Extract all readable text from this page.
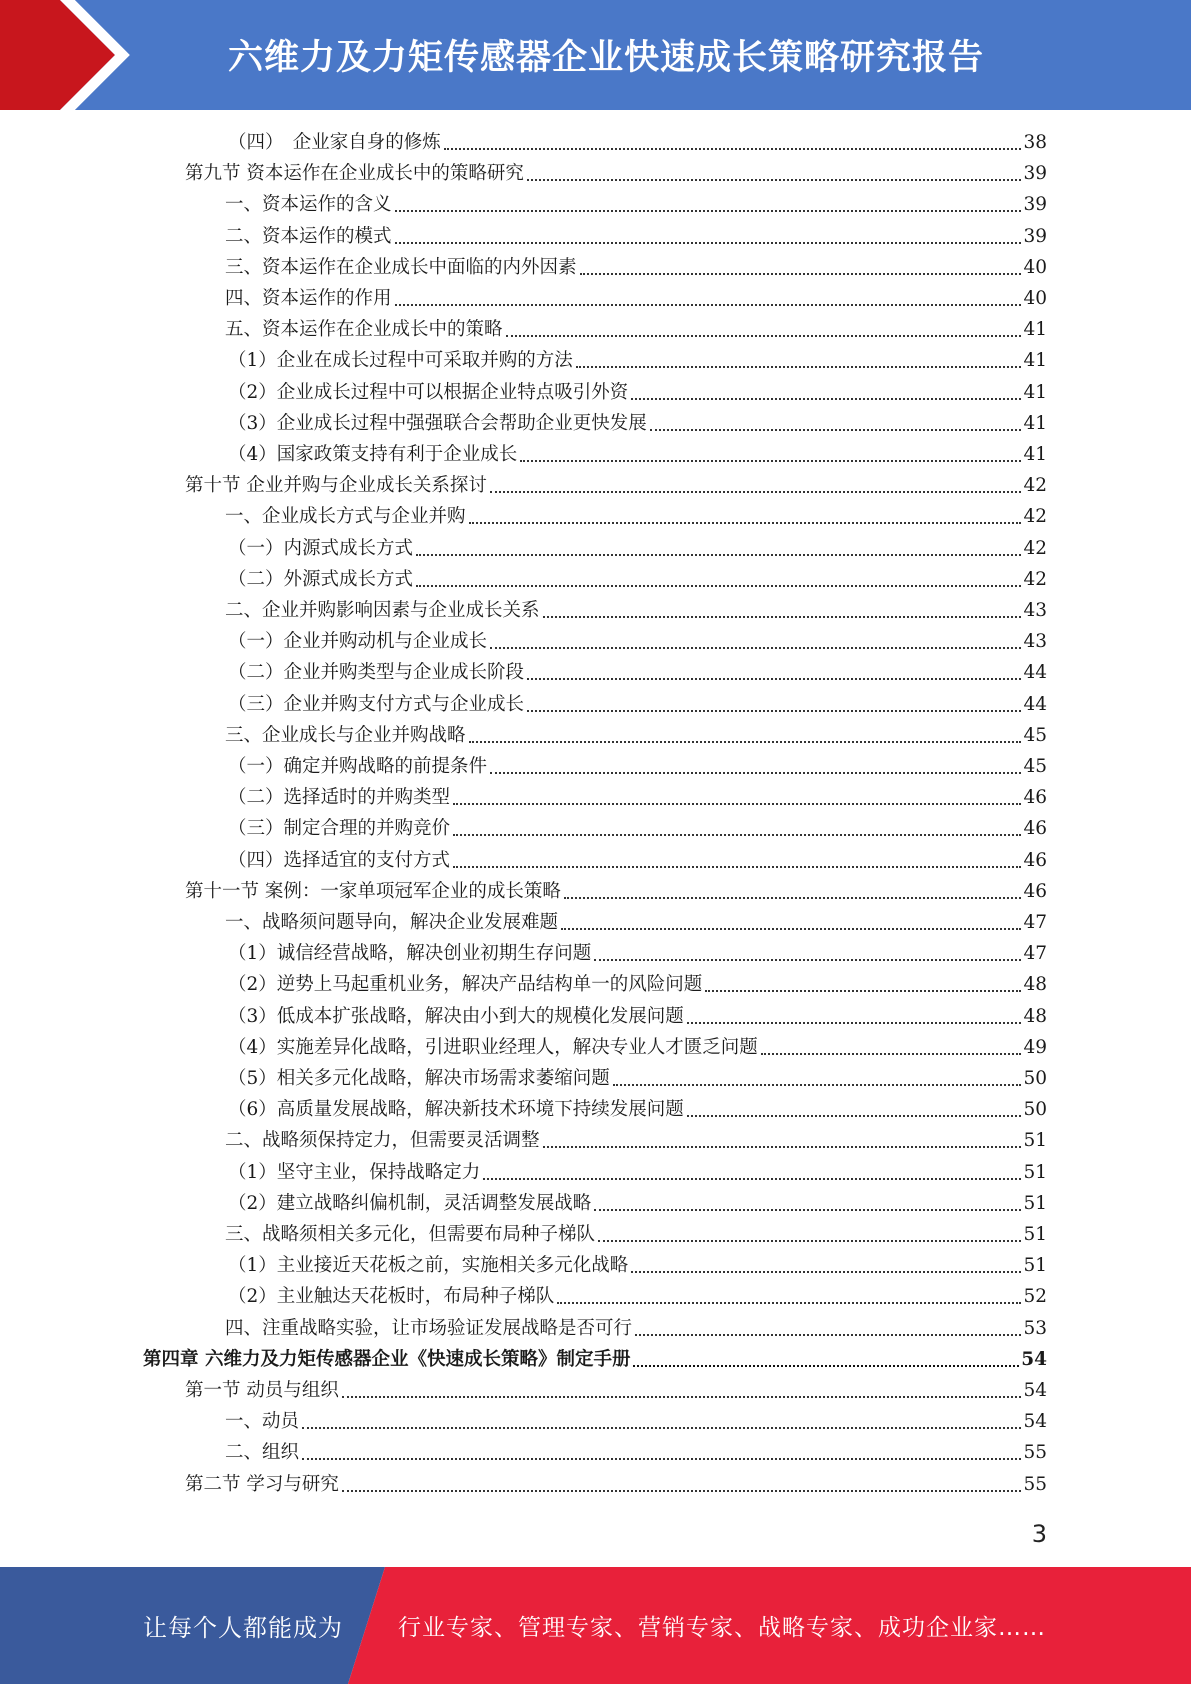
六维力及力矩传感器企业快速成长策略研究报告
（四）　企业家自身的修炼	38
第九节 资本运作在企业成长中的策略研究	39
一、资本运作的含义	39
二、资本运作的模式	39
三、资本运作在企业成长中面临的内外因素	40
四、资本运作的作用	40
五、资本运作在企业成长中的策略	41
（1）企业在成长过程中可采取并购的方法	41
（2）企业成长过程中可以根据企业特点吸引外资	41
（3）企业成长过程中强强联合会帮助企业更快发展	41
（4）国家政策支持有利于企业成长	41
第十节 企业并购与企业成长关系探讨	42
一、企业成长方式与企业并购	42
（一）内源式成长方式	42
（二）外源式成长方式	42
二、企业并购影响因素与企业成长关系	43
（一）企业并购动机与企业成长	43
（二）企业并购类型与企业成长阶段	44
（三）企业并购支付方式与企业成长	44
三、企业成长与企业并购战略	45
（一）确定并购战略的前提条件	45
（二）选择适时的并购类型	46
（三）制定合理的并购竞价	46
（四）选择适宜的支付方式	46
第十一节 案例：一家单项冠军企业的成长策略	46
一、战略须问题导向，解决企业发展难题	47
（1）诚信经营战略，解决创业初期生存问题	47
（2）逆势上马起重机业务，解决产品结构单一的风险问题	48
（3）低成本扩张战略，解决由小到大的规模化发展问题	48
（4）实施差异化战略，引进职业经理人，解决专业人才匮乏问题	49
（5）相关多元化战略，解决市场需求萎缩问题	50
（6）高质量发展战略，解决新技术环境下持续发展问题	50
二、战略须保持定力，但需要灵活调整	51
（1）坚守主业，保持战略定力	51
（2）建立战略纠偏机制，灵活调整发展战略	51
三、战略须相关多元化，但需要布局种子梯队	51
（1）主业接近天花板之前，实施相关多元化战略	51
（2）主业触达天花板时，布局种子梯队	52
四、注重战略实验，让市场验证发展战略是否可行	53
第四章 六维力及力矩传感器企业《快速成长策略》制定手册	54
第一节 动员与组织	54
一、动员	54
二、组织	55
第二节 学习与研究	55
3
让每个人都能成为 行业专家、管理专家、营销专家、战略专家、成功企业家……
